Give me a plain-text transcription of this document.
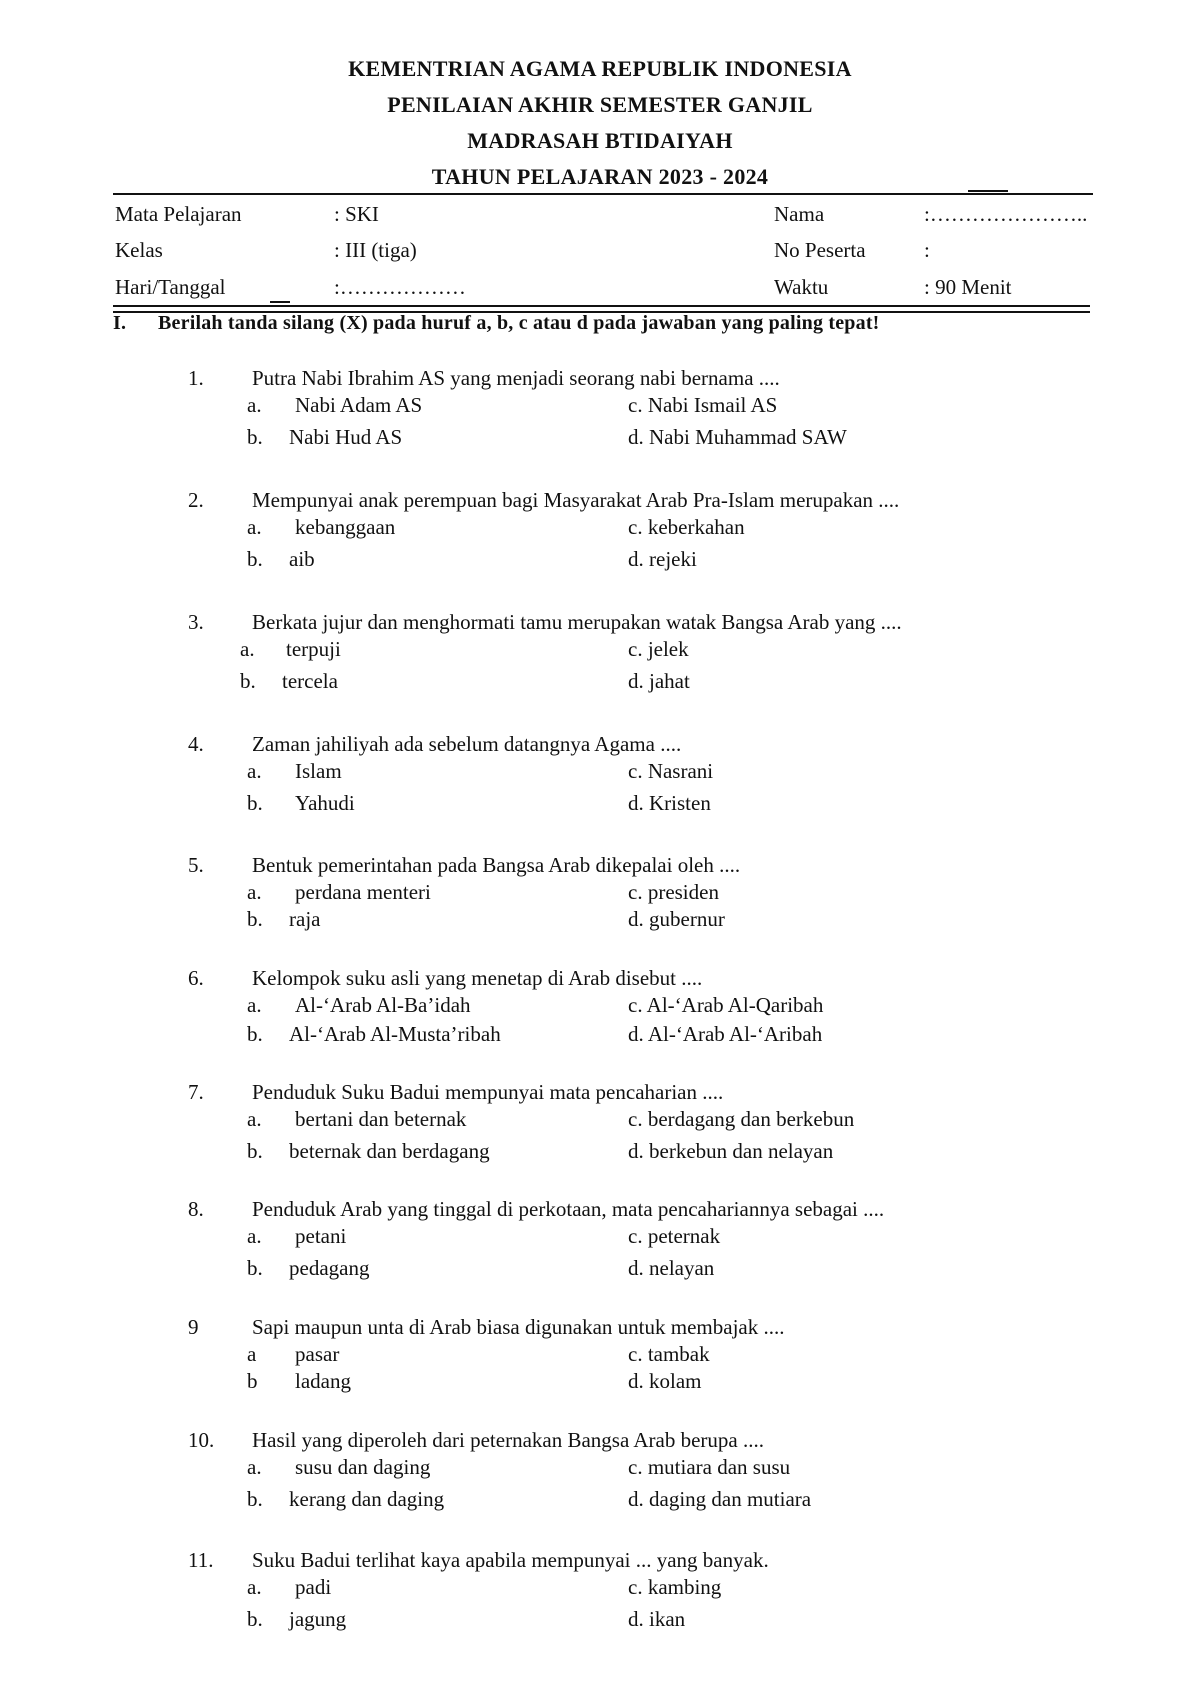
KEMENTRIAN AGAMA REPUBLIK INDONESIA
PENILAIAN AKHIR SEMESTER GANJIL
MADRASAH BTIDAIYAH
TAHUN PELAJARAN 2023 - 2024
Mata Pelajaran	: SKI	Nama	:…………………..
Kelas	: III (tiga)	No Peserta	:
Hari/Tanggal	:………………	Waktu	: 90 Menit
I. Berilah tanda silang (X) pada huruf a, b, c atau d pada jawaban yang paling tepat!
1. Putra Nabi Ibrahim AS yang menjadi seorang nabi bernama ....
a. Nabi Adam AS
b. Nabi Hud AS
c. Nabi Ismail AS
d. Nabi Muhammad SAW
2. Mempunyai anak perempuan bagi Masyarakat Arab Pra-Islam merupakan ....
a. kebanggaan
b. aib
c. keberkahan
d. rejeki
3. Berkata jujur dan menghormati tamu merupakan watak Bangsa Arab yang ....
a. terpuji
b. tercela
c. jelek
d. jahat
4. Zaman jahiliyah ada sebelum datangnya Agama ....
a. Islam
b. Yahudi
c. Nasrani
d. Kristen
5. Bentuk pemerintahan pada Bangsa Arab dikepalai oleh ....
a. perdana menteri
b. raja
c. presiden
d. gubernur
6. Kelompok suku asli yang menetap di Arab disebut ....
a. Al-‘Arab Al-Ba’idah
b. Al-‘Arab Al-Musta’ribah
c. Al-‘Arab Al-Qaribah
d. Al-‘Arab Al-‘Aribah
7. Penduduk Suku Badui mempunyai mata pencaharian ....
a. bertani dan beternak
b. beternak dan berdagang
c. berdagang dan berkebun
d. berkebun dan nelayan
8. Penduduk Arab yang tinggal di perkotaan, mata pencahariannya sebagai ....
a. petani
b. pedagang
c. peternak
d. nelayan
9	Sapi maupun unta di Arab biasa digunakan untuk membajak ....
a pasar
b ladang
c. tambak
d. kolam
10. Hasil yang diperoleh dari peternakan Bangsa Arab berupa ....
a. susu dan daging
b. kerang dan daging
c. mutiara dan susu
d. daging dan mutiara
11. Suku Badui terlihat kaya apabila mempunyai ... yang banyak.
a. padi
b. jagung
c. kambing
d. ikan
